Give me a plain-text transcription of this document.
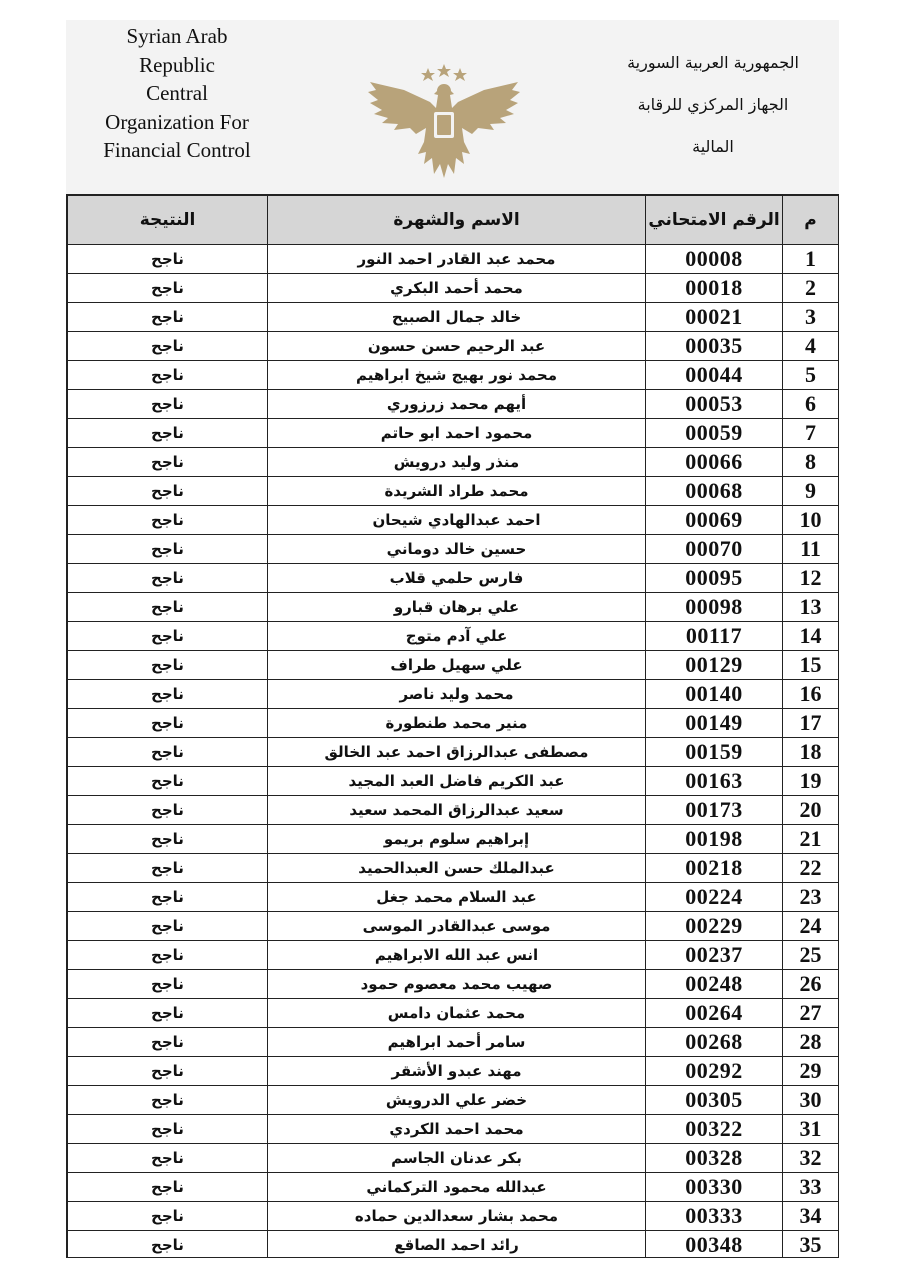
Syrian Arab
Republic
Central
Organization For
Financial Control
الجمهورية العربية السورية
الجهاز المركزي للرقابة
المالية
م	الرقم الامتحاني	الاسم والشهرة	النتيجة
1	00008	محمد عبد القادر احمد النور	ناجح
2	00018	محمد أحمد البكري	ناجح
3	00021	خالد جمال الصبيح	ناجح
4	00035	عبد الرحيم حسن حسون	ناجح
5	00044	محمد نور بهيج شيخ ابراهيم	ناجح
6	00053	أيهم محمد زرزوري	ناجح
7	00059	محمود احمد ابو حاتم	ناجح
8	00066	منذر وليد درويش	ناجح
9	00068	محمد طراد الشريدة	ناجح
10	00069	احمد عبدالهادي شيحان	ناجح
11	00070	حسين خالد دوماني	ناجح
12	00095	فارس حلمي قلاب	ناجح
13	00098	علي برهان قبارو	ناجح
14	00117	علي آدم متوج	ناجح
15	00129	علي سهيل طراف	ناجح
16	00140	محمد وليد ناصر	ناجح
17	00149	منير محمد طنطورة	ناجح
18	00159	مصطفى عبدالرزاق احمد عبد الخالق	ناجح
19	00163	عبد الكريم فاضل العبد المجيد	ناجح
20	00173	سعيد عبدالرزاق المحمد سعيد	ناجح
21	00198	إبراهيم سلوم بريمو	ناجح
22	00218	عبدالملك حسن العبدالحميد	ناجح
23	00224	عبد السلام محمد جغل	ناجح
24	00229	موسى عبدالقادر الموسى	ناجح
25	00237	انس عبد الله الابراهيم	ناجح
26	00248	صهيب محمد معصوم حمود	ناجح
27	00264	محمد عثمان دامس	ناجح
28	00268	سامر أحمد ابراهيم	ناجح
29	00292	مهند عبدو الأشقر	ناجح
30	00305	خضر علي الدرويش	ناجح
31	00322	محمد احمد الكردي	ناجح
32	00328	بكر عدنان الجاسم	ناجح
33	00330	عبدالله محمود التركماني	ناجح
34	00333	محمد بشار سعدالدين حماده	ناجح
35	00348	رائد احمد الصاقع	ناجح
